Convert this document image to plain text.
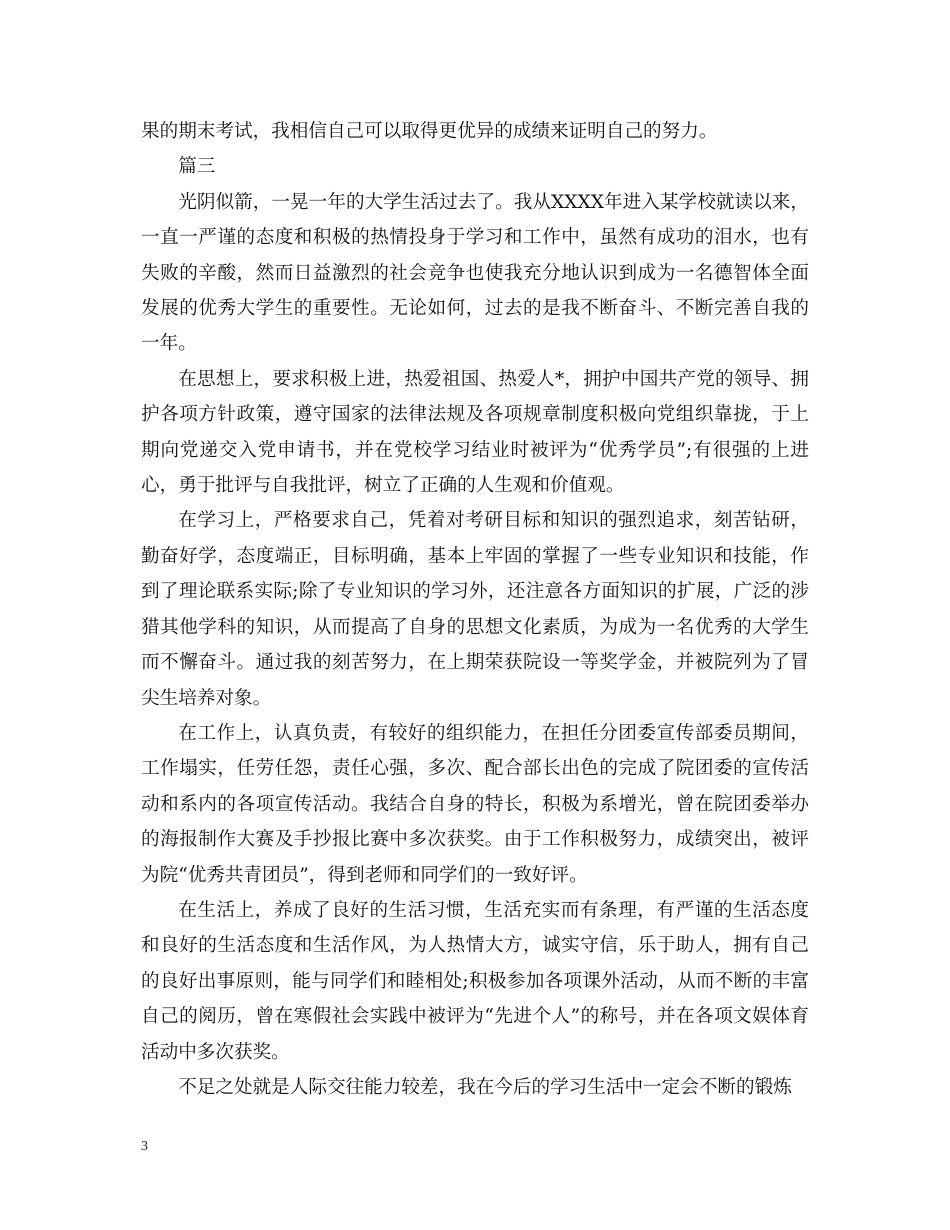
果的期末考试，我相信自己可以取得更优异的成绩来证明自己的努力。

篇三

光阴似箭，一晃一年的大学生活过去了。我从XXXX年进入某学校就读以来，一直一严谨的态度和积极的热情投身于学习和工作中，虽然有成功的泪水，也有失败的辛酸，然而日益激烈的社会竞争也使我充分地认识到成为一名德智体全面发展的优秀大学生的重要性。无论如何，过去的是我不断奋斗、不断完善自我的一年。

在思想上，要求积极上进，热爱祖国、热爱人*，拥护中国共产党的领导、拥护各项方针政策，遵守国家的法律法规及各项规章制度积极向党组织靠拢，于上期向党递交入党申请书，并在党校学习结业时被评为“优秀学员”;有很强的上进心，勇于批评与自我批评，树立了正确的人生观和价值观。

在学习上，严格要求自己，凭着对考研目标和知识的强烈追求，刻苦钻研，勤奋好学，态度端正，目标明确，基本上牢固的掌握了一些专业知识和技能，作到了理论联系实际;除了专业知识的学习外，还注意各方面知识的扩展，广泛的涉猎其他学科的知识，从而提高了自身的思想文化素质，为成为一名优秀的大学生而不懈奋斗。通过我的刻苦努力，在上期荣获院设一等奖学金，并被院列为了冒尖生培养对象。

在工作上，认真负责，有较好的组织能力，在担任分团委宣传部委员期间，工作塌实，任劳任怨，责任心强，多次、配合部长出色的完成了院团委的宣传活动和系内的各项宣传活动。我结合自身的特长，积极为系增光，曾在院团委举办的海报制作大赛及手抄报比赛中多次获奖。由于工作积极努力，成绩突出，被评为院“优秀共青团员”，得到老师和同学们的一致好评。

在生活上，养成了良好的生活习惯，生活充实而有条理，有严谨的生活态度和良好的生活态度和生活作风，为人热情大方，诚实守信，乐于助人，拥有自己的良好出事原则，能与同学们和睦相处;积极参加各项课外活动，从而不断的丰富自己的阅历，曾在寒假社会实践中被评为“先进个人”的称号，并在各项文娱体育活动中多次获奖。

不足之处就是人际交往能力较差，我在今后的学习生活中一定会不断的锻炼

3
